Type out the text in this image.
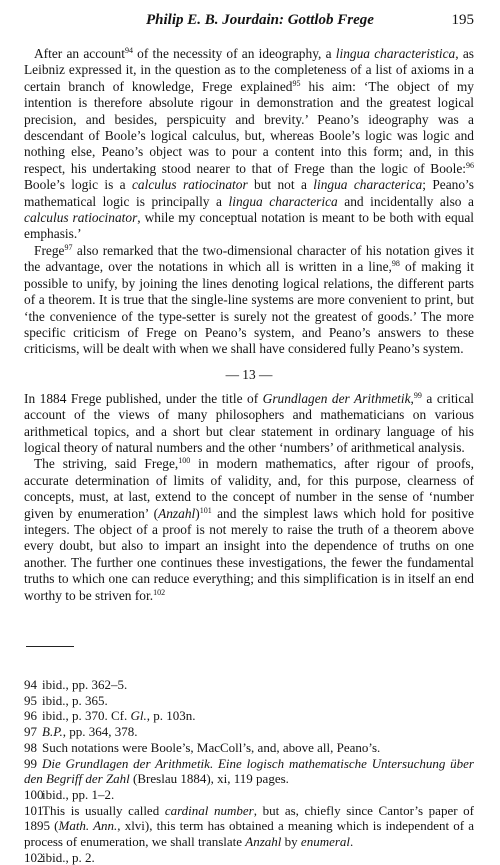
Philip E. B. Jourdain: Gottlob Frege	195

After an account$^{94}$ of the necessity of an ideography, a lingua characteristica, as Leibniz expressed it, in the question as to the completeness of a list of axioms in a certain branch of knowledge, Frege explained$^{95}$ his aim: ‘The object of my intention is therefore absolute rigour in demonstration and the greatest logical precision, and besides, perspicuity and brevity.’ Peano’s ideography was a descendant of Boole’s logical calculus, but, whereas Boole’s logic was logic and nothing else, Peano’s object was to pour a content into this form; and, in this respect, his undertaking stood nearer to that of Frege than the logic of Boole:$^{96}$ Boole’s logic is a calculus ratiocinator but not a lingua characterica; Peano’s mathematical logic is principally a lingua characterica and incidentally also a calculus ratiocinator, while my conceptual notation is meant to be both with equal emphasis.’

Frege$^{97}$ also remarked that the two-dimensional character of his notation gives it the advantage, over the notations in which all is written in a line,$^{98}$ of making it possible to unify, by joining the lines denoting logical relations, the different parts of a theorem. It is true that the single-line systems are more convenient to print, but ‘the convenience of the type-setter is surely not the greatest of goods.’ The more specific criticism of Frege on Peano’s system, and Peano’s answers to these criticisms, will be dealt with when we shall have considered fully Peano’s system.

— 13 —

In 1884 Frege published, under the title of Grundlagen der Arithmetik,$^{99}$ a critical account of the views of many philosophers and mathematicians on various arithmetical topics, and a short but clear statement in ordinary language of his logical theory of natural numbers and the other ‘numbers’ of arithmetical analysis.

The striving, said Frege,$^{100}$ in modern mathematics, after rigour of proofs, accurate determination of limits of validity, and, for this purpose, clearness of concepts, must, at last, extend to the concept of number in the sense of ‘number given by enumeration’ (Anzahl)$^{101}$ and the simplest laws which hold for positive integers. The object of a proof is not merely to raise the truth of a theorem above every doubt, but also to impart an insight into the dependence of truths on one another. The further one continues these investigations, the fewer the fundamental truths to which one can reduce everything; and this simplification is in itself an end worthy to be striven for.$^{102}$

94 ibid., pp. 362–5.
95 ibid., p. 365.
96 ibid., p. 370. Cf. Gl., p. 103n.
97 B.P., pp. 364, 378.
98 Such notations were Boole’s, MacColl’s, and, above all, Peano’s.
99 Die Grundlagen der Arithmetik. Eine logisch mathematische Untersuchung über den Begriff der Zahl (Breslau 1884), xi, 119 pages.
100ibid., pp. 1–2.
101This is usually called cardinal number, but as, chiefly since Cantor’s paper of 1895 (Math. Ann., xlvi), this term has obtained a meaning which is independent of a process of enumeration, we shall translate Anzahl by enumeral.
102ibid., p. 2.
